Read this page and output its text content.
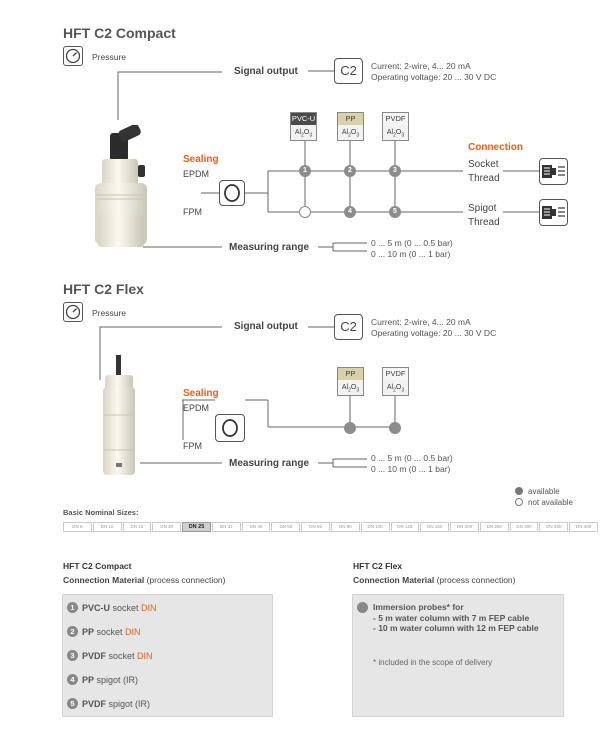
HFT C2 Compact
Pressure
Signal output	C2	Current: 2-wire, 4... 20 mA
Operating voltage: 20 ... 30 V DC
PVC-U
$Al_2O_3$
PP
$Al_2O_3$
PVDF
$Al_2O_3$
1	2	3
4	5
Sealing
EPDM
FPM
Connection
Socket
Thread
Spigot
Thread
Measuring range	0 ... 5 m (0 ... 0.5 bar)
0 ... 10 m (0 ... 1 bar)
HFT C2 Flex
Pressure
Signal output	C2	Current: 2-wire, 4... 20 mA
Operating voltage: 20 ... 30 V DC
PP
$Al_2O_3$
PVDF
$Al_2O_3$
Sealing
EPDM
FPM
Measuring range	0 ... 5 m (0 ... 0.5 bar)
0 ... 10 m (0 ... 1 bar)
available
not available
Basic Nominal Sizes:
DN 8	DN 10	DN 15	DN 20	DN 25	DN 32	DN 40	DN 50	DN 65	DN 80	DN 100	DN 125	DN 150	DN 200	DN 250	DN 300	DN 350	DN 400
HFT C2 Compact
Connection Material (process connection)
1 PVC-U socket DIN
2 PP socket DIN
3 PVDF socket DIN
4 PP spigot (IR)
5 PVDF spigot (IR)
HFT C2 Flex
Connection Material (process connection)
Immersion probes* for
- 5 m water column with 7 m FEP cable
- 10 m water column with 12 m FEP cable
* included in the scope of delivery
